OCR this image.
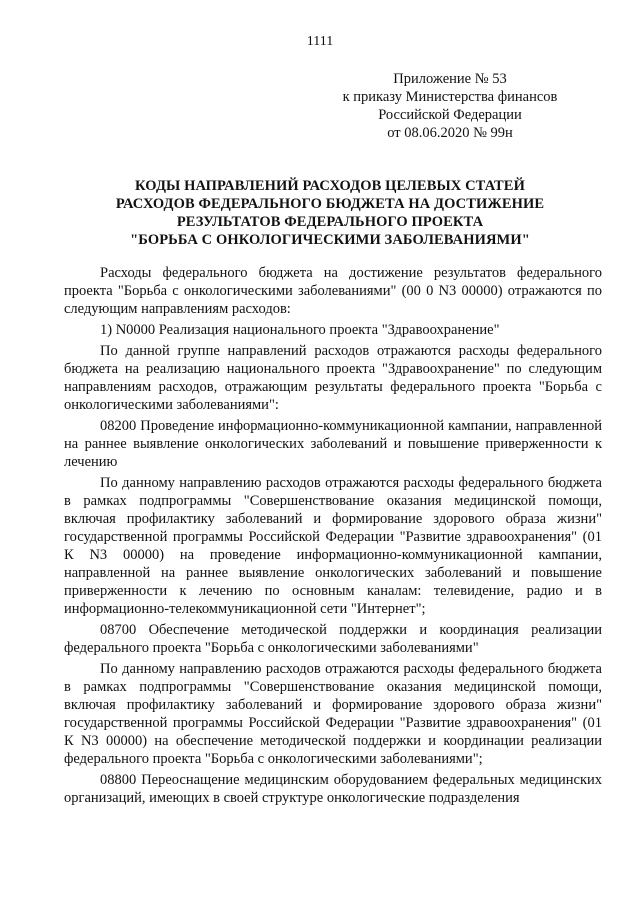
1111
Приложение № 53
к приказу Министерства финансов
Российской Федерации
от 08.06.2020 № 99н
КОДЫ НАПРАВЛЕНИЙ РАСХОДОВ ЦЕЛЕВЫХ СТАТЕЙ
РАСХОДОВ ФЕДЕРАЛЬНОГО БЮДЖЕТА НА ДОСТИЖЕНИЕ
РЕЗУЛЬТАТОВ ФЕДЕРАЛЬНОГО ПРОЕКТА
"БОРЬБА С ОНКОЛОГИЧЕСКИМИ ЗАБОЛЕВАНИЯМИ"

Расходы федерального бюджета на достижение результатов федерального проекта "Борьба с онкологическими заболеваниями" (00 0 N3 00000) отражаются по следующим направлениям расходов:

1) N0000 Реализация национального проекта "Здравоохранение"

По данной группе направлений расходов отражаются расходы федерального бюджета на реализацию национального проекта "Здравоохранение" по следующим направлениям расходов, отражающим результаты федерального проекта "Борьба с онкологическими заболеваниями":

08200 Проведение информационно-коммуникационной кампании, направленной на раннее выявление онкологических заболеваний и повышение приверженности к лечению

По данному направлению расходов отражаются расходы федерального бюджета в рамках подпрограммы "Совершенствование оказания медицинской помощи, включая профилактику заболеваний и формирование здорового образа жизни" государственной программы Российской Федерации "Развитие здравоохранения" (01 К N3 00000) на проведение информационно-коммуникационной кампании, направленной на раннее выявление онкологических заболеваний и повышение приверженности к лечению по основным каналам: телевидение, радио и в информационно-телекоммуникационной сети "Интернет";

08700 Обеспечение методической поддержки и координация реализации федерального проекта "Борьба с онкологическими заболеваниями"

По данному направлению расходов отражаются расходы федерального бюджета в рамках подпрограммы "Совершенствование оказания медицинской помощи, включая профилактику заболеваний и формирование здорового образа жизни" государственной программы Российской Федерации "Развитие здравоохранения" (01 К N3 00000) на обеспечение методической поддержки и координации реализации федерального проекта "Борьба с онкологическими заболеваниями";

08800 Переоснащение медицинским оборудованием федеральных медицинских организаций, имеющих в своей структуре онкологические подразделения
